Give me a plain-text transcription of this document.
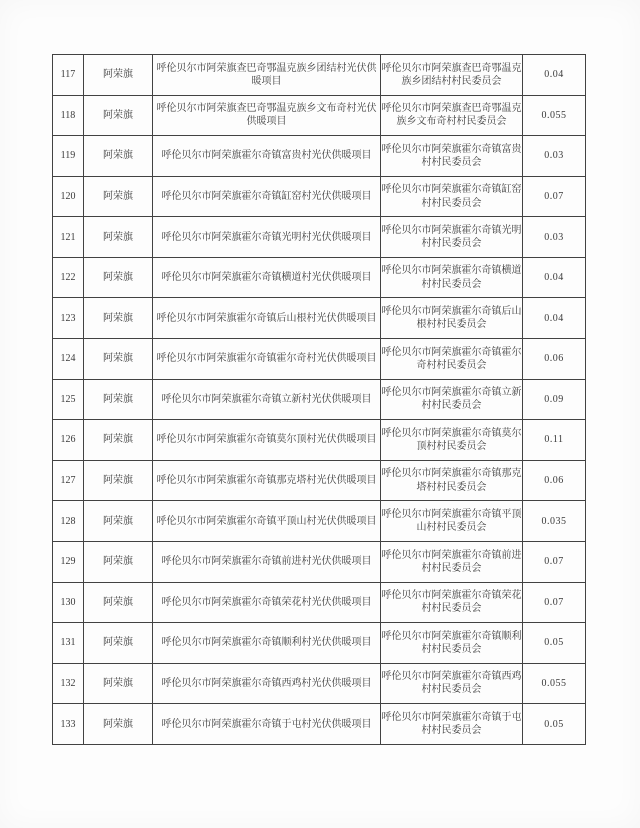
117	阿荣旗	呼伦贝尔市阿荣旗查巴奇鄂温克族乡团结村光伏供暖项目	呼伦贝尔市阿荣旗查巴奇鄂温克族乡团结村村民委员会	0.04
118	阿荣旗	呼伦贝尔市阿荣旗查巴奇鄂温克族乡文布奇村光伏供暖项目	呼伦贝尔市阿荣旗查巴奇鄂温克族乡文布奇村村民委员会	0.055
119	阿荣旗	呼伦贝尔市阿荣旗霍尔奇镇富贵村光伏供暖项目	呼伦贝尔市阿荣旗霍尔奇镇富贵村村民委员会	0.03
120	阿荣旗	呼伦贝尔市阿荣旗霍尔奇镇缸窑村光伏供暖项目	呼伦贝尔市阿荣旗霍尔奇镇缸窑村村民委员会	0.07
121	阿荣旗	呼伦贝尔市阿荣旗霍尔奇镇光明村光伏供暖项目	呼伦贝尔市阿荣旗霍尔奇镇光明村村民委员会	0.03
122	阿荣旗	呼伦贝尔市阿荣旗霍尔奇镇横道村光伏供暖项目	呼伦贝尔市阿荣旗霍尔奇镇横道村村民委员会	0.04
123	阿荣旗	呼伦贝尔市阿荣旗霍尔奇镇后山根村光伏供暖项目	呼伦贝尔市阿荣旗霍尔奇镇后山根村村民委员会	0.04
124	阿荣旗	呼伦贝尔市阿荣旗霍尔奇镇霍尔奇村光伏供暖项目	呼伦贝尔市阿荣旗霍尔奇镇霍尔奇村村民委员会	0.06
125	阿荣旗	呼伦贝尔市阿荣旗霍尔奇镇立新村光伏供暖项目	呼伦贝尔市阿荣旗霍尔奇镇立新村村民委员会	0.09
126	阿荣旗	呼伦贝尔市阿荣旗霍尔奇镇莫尔顶村光伏供暖项目	呼伦贝尔市阿荣旗霍尔奇镇莫尔顶村村民委员会	0.11
127	阿荣旗	呼伦贝尔市阿荣旗霍尔奇镇那克塔村光伏供暖项目	呼伦贝尔市阿荣旗霍尔奇镇那克塔村村民委员会	0.06
128	阿荣旗	呼伦贝尔市阿荣旗霍尔奇镇平顶山村光伏供暖项目	呼伦贝尔市阿荣旗霍尔奇镇平顶山村村民委员会	0.035
129	阿荣旗	呼伦贝尔市阿荣旗霍尔奇镇前进村光伏供暖项目	呼伦贝尔市阿荣旗霍尔奇镇前进村村民委员会	0.07
130	阿荣旗	呼伦贝尔市阿荣旗霍尔奇镇荣花村光伏供暖项目	呼伦贝尔市阿荣旗霍尔奇镇荣花村村民委员会	0.07
131	阿荣旗	呼伦贝尔市阿荣旗霍尔奇镇顺利村光伏供暖项目	呼伦贝尔市阿荣旗霍尔奇镇顺利村村民委员会	0.05
132	阿荣旗	呼伦贝尔市阿荣旗霍尔奇镇西鸡村光伏供暖项目	呼伦贝尔市阿荣旗霍尔奇镇西鸡村村民委员会	0.055
133	阿荣旗	呼伦贝尔市阿荣旗霍尔奇镇于屯村光伏供暖项目	呼伦贝尔市阿荣旗霍尔奇镇于屯村村民委员会	0.05
